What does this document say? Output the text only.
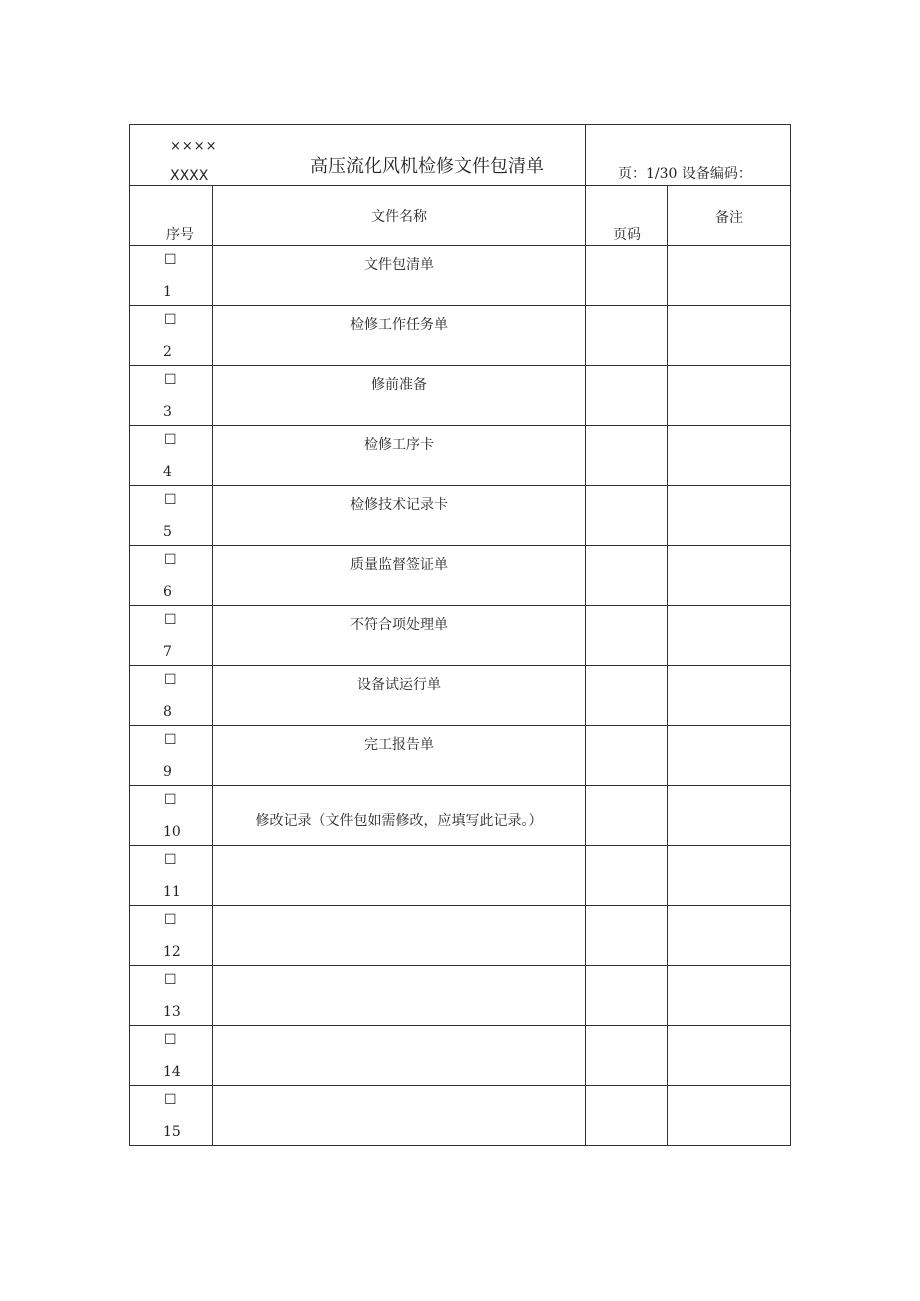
××××
XXXX 高压流化风机检修文件包清单		页：1/30 设备编码：	

序号	文件名称	页码	备注

☐
1	文件包清单		

☐
2	检修工作任务单		

☐
3	修前准备		

☐
4	检修工序卡		

☐
5	检修技术记录卡		

☐
6	质量监督签证单		

☐
7	不符合项处理单		

☐
8	设备试运行单		

☐
9	完工报告单		

☐
10	修改记录（文件包如需修改，应填写此记录。）		

☐
11			

☐
12			

☐
13			

☐
14			

☐
15			
